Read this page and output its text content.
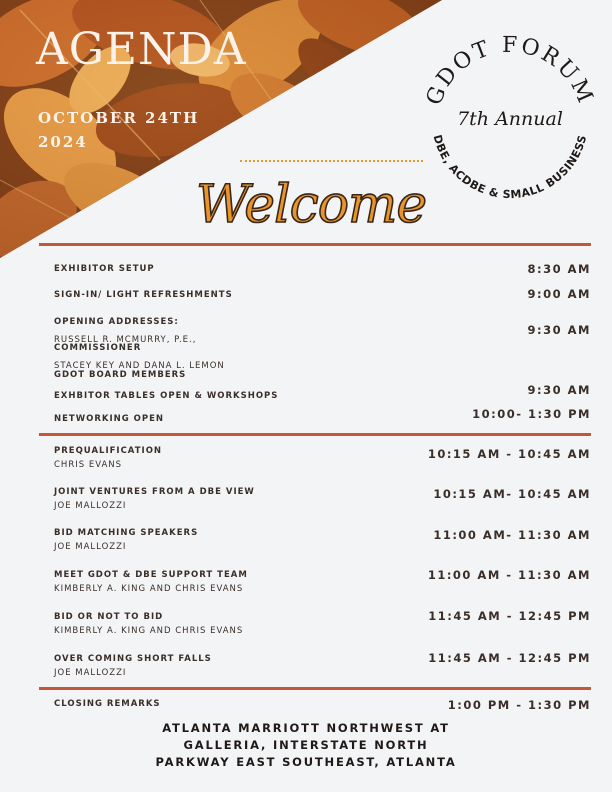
AGENDA
OCTOBER 24TH
2024
Welcome
GDOT FORUM
7th Annual
DBE, ACDBE & SMALL BUSINESS
EXHIBITOR SETUP	8:30 AM
SIGN-IN/ LIGHT REFRESHMENTS	9:00 AM
OPENING ADDRESSES:
9:30 AM
RUSSELL R. MCMURRY, P.E.,
COMMISSIONER
STACEY KEY AND DANA L. LEMON
GDOT BOARD MEMBERS
EXHBITOR TABLES OPEN & WORKSHOPS	9:30 AM
NETWORKING OPEN	10:00- 1:30 PM
PREQUALIFICATION
CHRIS EVANS
10:15 AM - 10:45 AM
JOINT VENTURES FROM A DBE VIEW
JOE MALLOZZI
10:15 AM- 10:45 AM
BID MATCHING SPEAKERS
JOE MALLOZZI
11:00 AM- 11:30 AM
MEET GDOT & DBE SUPPORT TEAM
KIMBERLY A. KING AND CHRIS EVANS
11:00 AM - 11:30 AM
BID OR NOT TO BID
KIMBERLY A. KING AND CHRIS EVANS
11:45 AM - 12:45 PM
OVER COMING SHORT FALLS
JOE MALLOZZI
11:45 AM - 12:45 PM
CLOSING REMARKS	1:00 PM - 1:30 PM
ATLANTA MARRIOTT NORTHWEST AT
GALLERIA, INTERSTATE NORTH
PARKWAY EAST SOUTHEAST, ATLANTA
